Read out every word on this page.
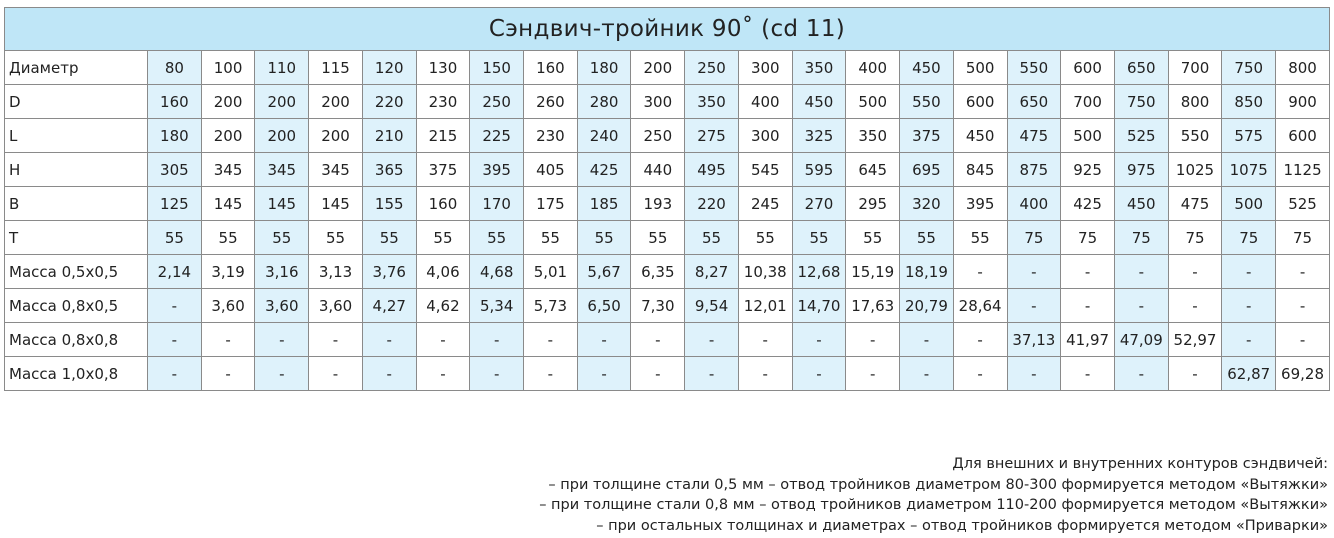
Сэндвич-тройник 90˚ (cd 11)																						
Диаметр	80	100	110	115	120	130	150	160	180	200	250	300	350	400	450	500	550	600	650	700	750	800
D	160	200	200	200	220	230	250	260	280	300	350	400	450	500	550	600	650	700	750	800	850	900
L	180	200	200	200	210	215	225	230	240	250	275	300	325	350	375	450	475	500	525	550	575	600
H	305	345	345	345	365	375	395	405	425	440	495	545	595	645	695	845	875	925	975	1025	1075	1125
B	125	145	145	145	155	160	170	175	185	193	220	245	270	295	320	395	400	425	450	475	500	525
T	55	55	55	55	55	55	55	55	55	55	55	55	55	55	55	55	75	75	75	75	75	75
Масса 0,5х0,5	2,14	3,19	3,16	3,13	3,76	4,06	4,68	5,01	5,67	6,35	8,27	10,38	12,68	15,19	18,19	-	-	-	-	-	-	-
Масса 0,8х0,5	-	3,60	3,60	3,60	4,27	4,62	5,34	5,73	6,50	7,30	9,54	12,01	14,70	17,63	20,79	28,64	-	-	-	-	-	-
Масса 0,8х0,8	-	-	-	-	-	-	-	-	-	-	-	-	-	-	-	-	37,13	41,97	47,09	52,97	-	-
Масса 1,0х0,8	-	-	-	-	-	-	-	-	-	-	-	-	-	-	-	-	-	-	-	-	62,87	69,28
Для внешних и внутренних контуров сэндвичей:
– при толщине стали 0,5 мм – отвод тройников диаметром 80-300 формируется методом «Вытяжки»
– при толщине стали 0,8 мм – отвод тройников диаметром 110-200 формируется методом «Вытяжки»
– при остальных толщинах и диаметрах – отвод тройников формируется методом «Приварки»
